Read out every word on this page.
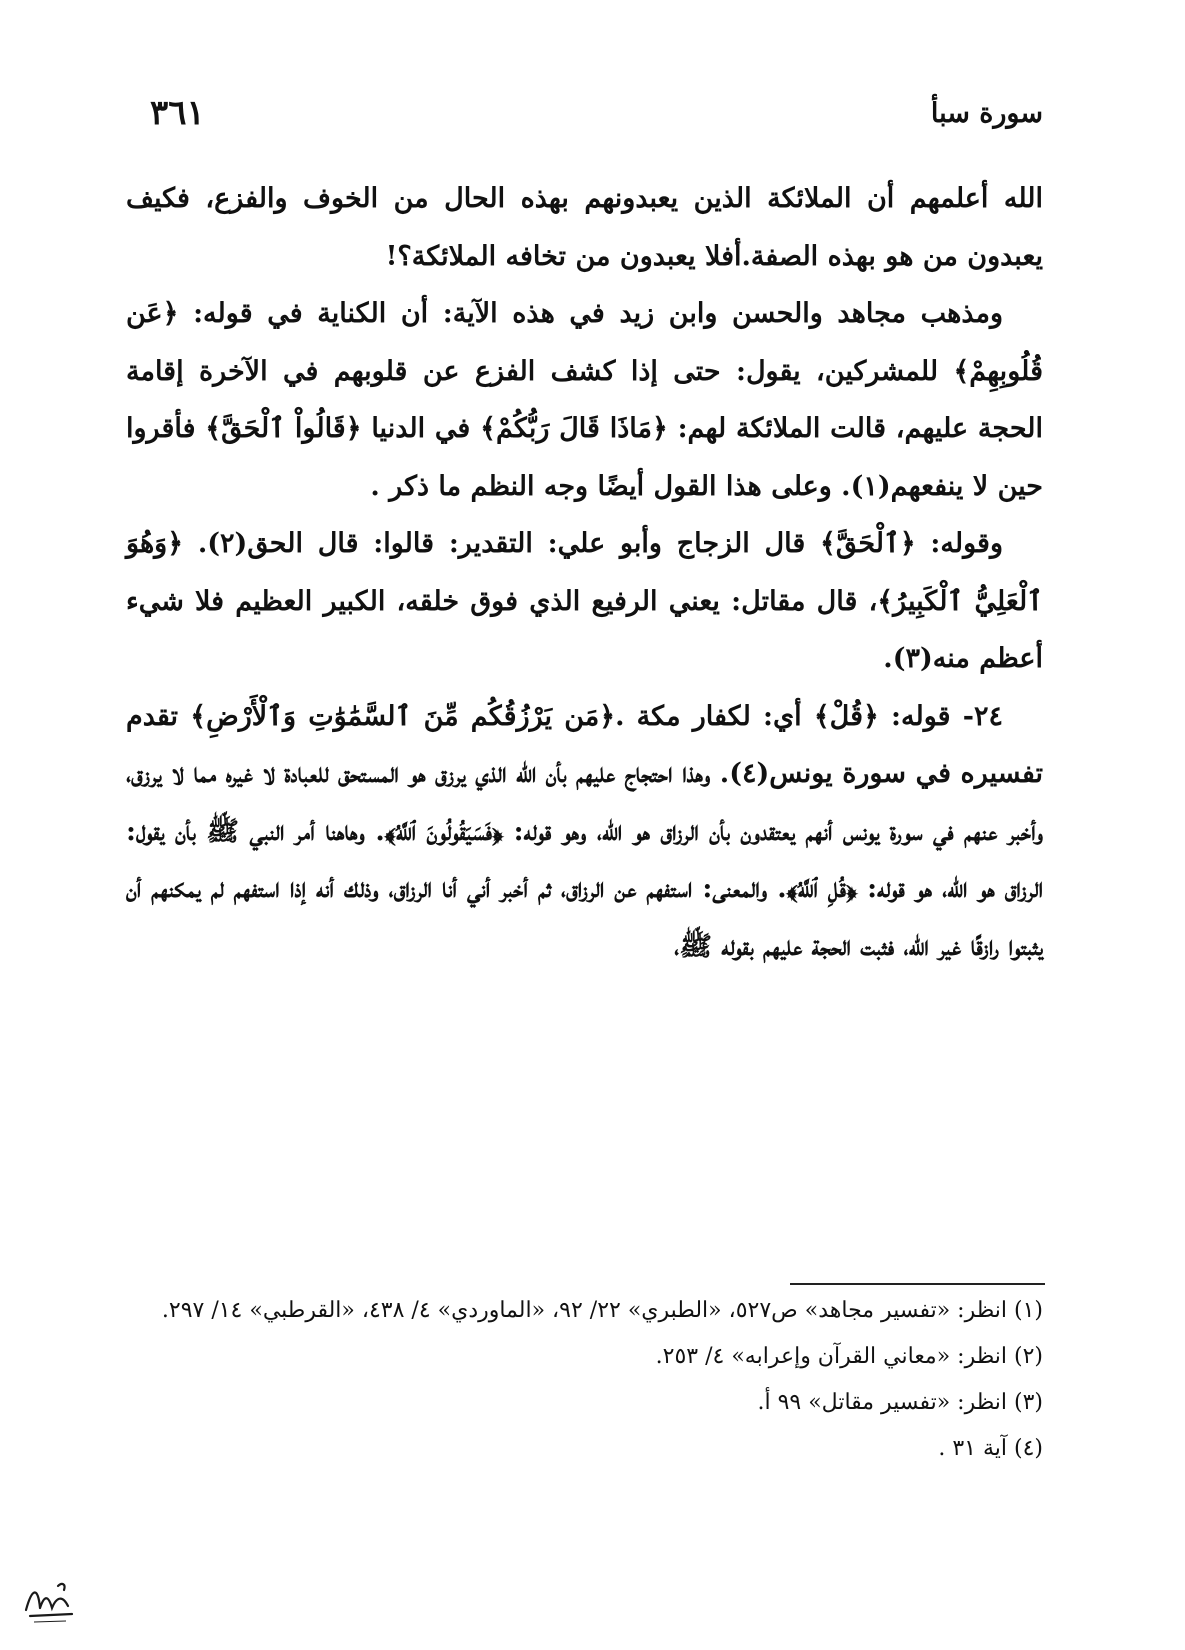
سورة سبأ
٣٦١

الله أعلمهم أن الملائكة الذين يعبدونهم بهذه الحال من الخوف والفزع، فكيف يعبدون من هو بهذه الصفة.أفلا يعبدون من تخافه الملائكة؟!

ومذهب مجاهد والحسن وابن زيد في هذه الآية: أن الكناية في قوله: ﴿عَن قُلُوبِهِمْ﴾ للمشركين، يقول: حتى إذا كشف الفزع عن قلوبهم في الآخرة إقامة الحجة عليهم، قالت الملائكة لهم: ﴿مَاذَا قَالَ رَبُّكُمْ﴾ في الدنيا ﴿قَالُواْ ٱلْحَقَّ﴾ فأقروا حين لا ينفعهم(١). وعلى هذا القول أيضًا وجه النظم ما ذكر .

وقوله: ﴿ٱلْحَقَّ﴾ قال الزجاج وأبو علي: التقدير: قالوا: قال الحق(٢). ﴿وَهُوَ ٱلْعَلِيُّ ٱلْكَبِيرُ﴾، قال مقاتل: يعني الرفيع الذي فوق خلقه، الكبير العظيم فلا شيء أعظم منه(٣).

٢٤- قوله: ﴿قُلْ﴾ أي: لكفار مكة .﴿مَن يَرْزُقُكُم مِّنَ ٱلسَّمَٰوَٰتِ وَٱلْأَرْضِ﴾ تقدم تفسيره في سورة يونس(٤). وهذا احتجاج عليهم بأن الله الذي يرزق هو المستحق للعبادة لا غيره مما لا يرزق، وأخبر عنهم في سورة يونس أنهم يعتقدون بأن الرزاق هو الله، وهو قوله: ﴿فَسَيَقُولُونَ ٱللَّهُ﴾. وهاهنا أمر النبي ﷺ بأن يقول: الرزاق هو الله، هو قوله: ﴿قُلِ ٱللَّهُ﴾. والمعنى: استفهم عن الرزاق، ثم أخبر أني أنا الرزاق، وذلك أنه إذا استفهم لم يمكنهم أن يثبتوا رازقًا غير الله، فثبت الحجة عليهم بقوله ﷺ،

(١) انظر: «تفسير مجاهد» ص٥٢٧، «الطبري» ٢٢/ ٩٢، «الماوردي» ٤/ ٤٣٨، «القرطبي» ١٤/ ٢٩٧.

(٢) انظر: «معاني القرآن وإعرابه» ٤/ ٢٥٣.

(٣) انظر: «تفسير مقاتل» ٩٩ أ.

(٤) آية ٣١ .
